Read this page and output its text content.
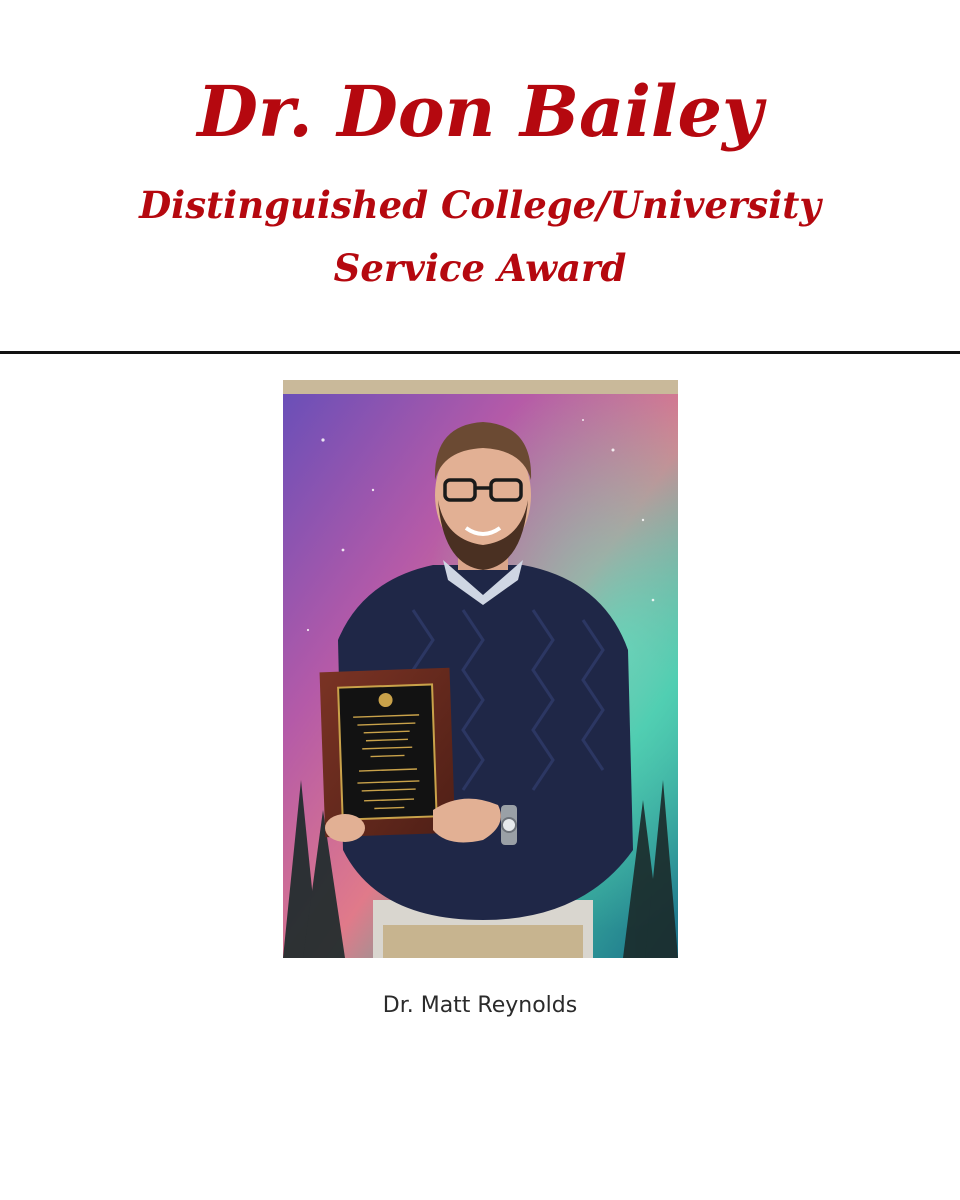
Dr. Don Bailey
Distinguished College/University
Service Award
Dr. Matt Reynolds
